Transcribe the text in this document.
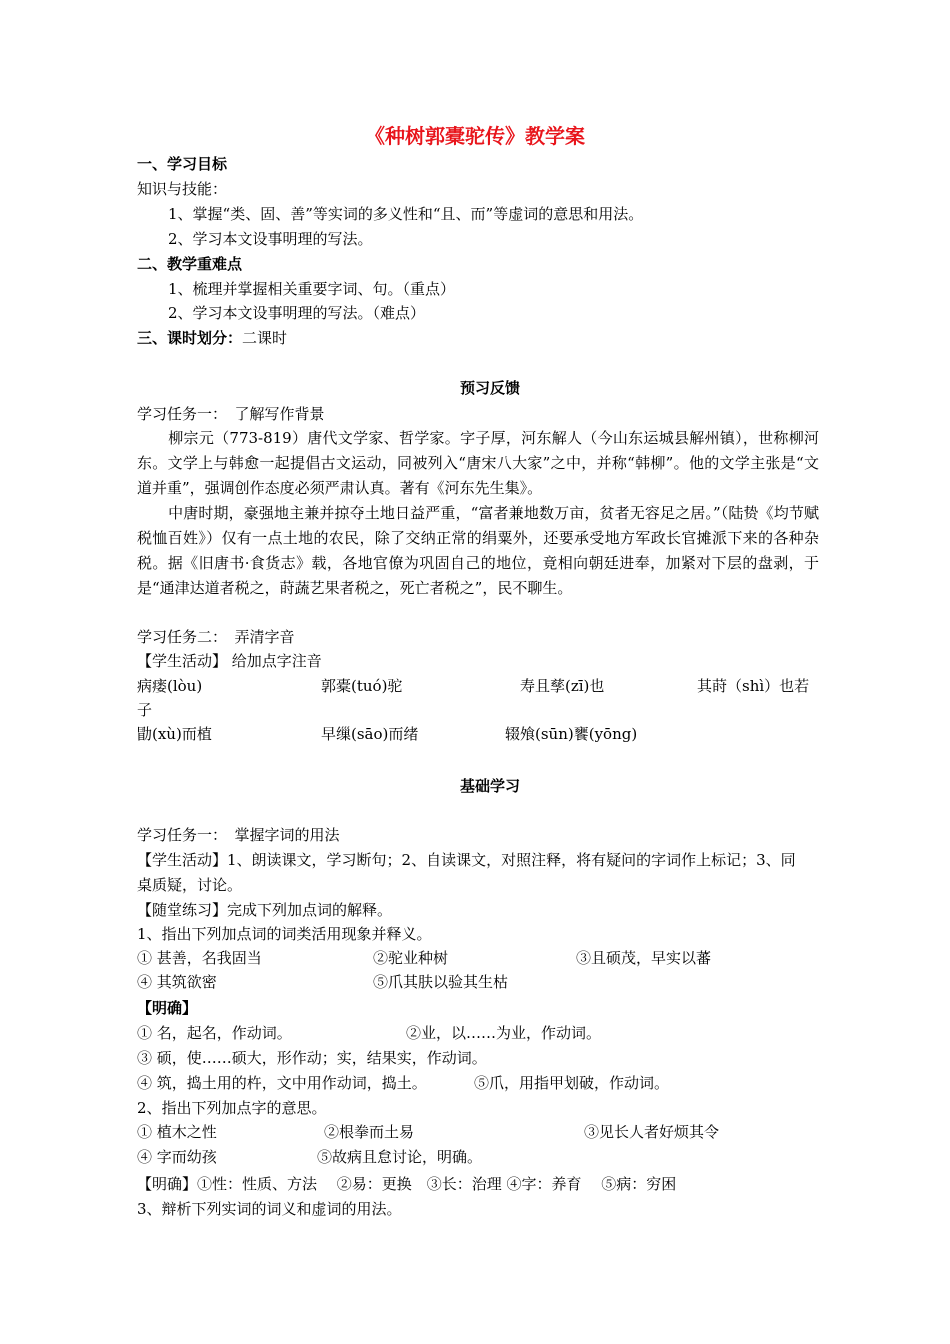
《种树郭橐驼传》教学案
一、学习目标
知识与技能：
1、掌握“类、固、善”等实词的多义性和“且、而”等虚词的意思和用法。
2、学习本文设事明理的写法。
二、教学重难点
1、梳理并掌握相关重要字词、句。（重点）
2、学习本文设事明理的写法。（难点）
三、课时划分：二课时
预习反馈
学习任务一：　了解写作背景
柳宗元（773-819）唐代文学家、哲学家。字子厚，河东解人（今山东运城县解州镇），世称柳河东。文学上与韩愈一起提倡古文运动，同被列入“唐宋八大家”之中，并称“韩柳”。他的文学主张是“文道并重”，强调创作态度必须严肃认真。著有《河东先生集》。
中唐时期，豪强地主兼并掠夺土地日益严重，“富者兼地数万亩，贫者无容足之居。”（陆贽《均节赋税恤百姓》）仅有一点土地的农民，除了交纳正常的绢粟外，还要承受地方军政长官摊派下来的各种杂税。据《旧唐书·食货志》载，各地官僚为巩固自己的地位，竟相向朝廷进奉，加紧对下层的盘剥，于是“通津达道者税之，莳蔬艺果者税之，死亡者税之”，民不聊生。
学习任务二：　弄清字音
【学生活动】 给加点字注音
病瘘(lòu)	郭橐(tuó)驼	寿且孳(zī)也	其莳（shì）也若
子
勖(xù)而植	早缫(sāo)而绪	辍飧(sūn)饔(yōng)
基础学习
学习任务一：　掌握字词的用法
【学生活动】1、朗读课文，学习断句；2、自读课文，对照注释，将有疑问的字词作上标记；3、同
桌质疑，讨论。
【随堂练习】完成下列加点词的解释。
1、指出下列加点词的词类活用现象并释义。
① 甚善，名我固当	②驼业种树	③且硕茂，早实以蕃
④ 其筑欲密	⑤爪其肤以验其生枯
【明确】
① 名，起名，作动词。	②业，以……为业，作动词。
③ 硕，使……硕大，形作动；实，结果实，作动词。
④ 筑，捣土用的杵，文中用作动词，捣土。	⑤爪，用指甲划破，作动词。
2、指出下列加点字的意思。
① 植木之性	②根拳而土易	③见长人者好烦其令
④ 字而幼孩	⑤故病且怠讨论，明确。
【明确】①性：性质、方法　 ②易：更换　③长：治理 ④字：养育　 ⑤病：穷困
3、辩析下列实词的词义和虚词的用法。
